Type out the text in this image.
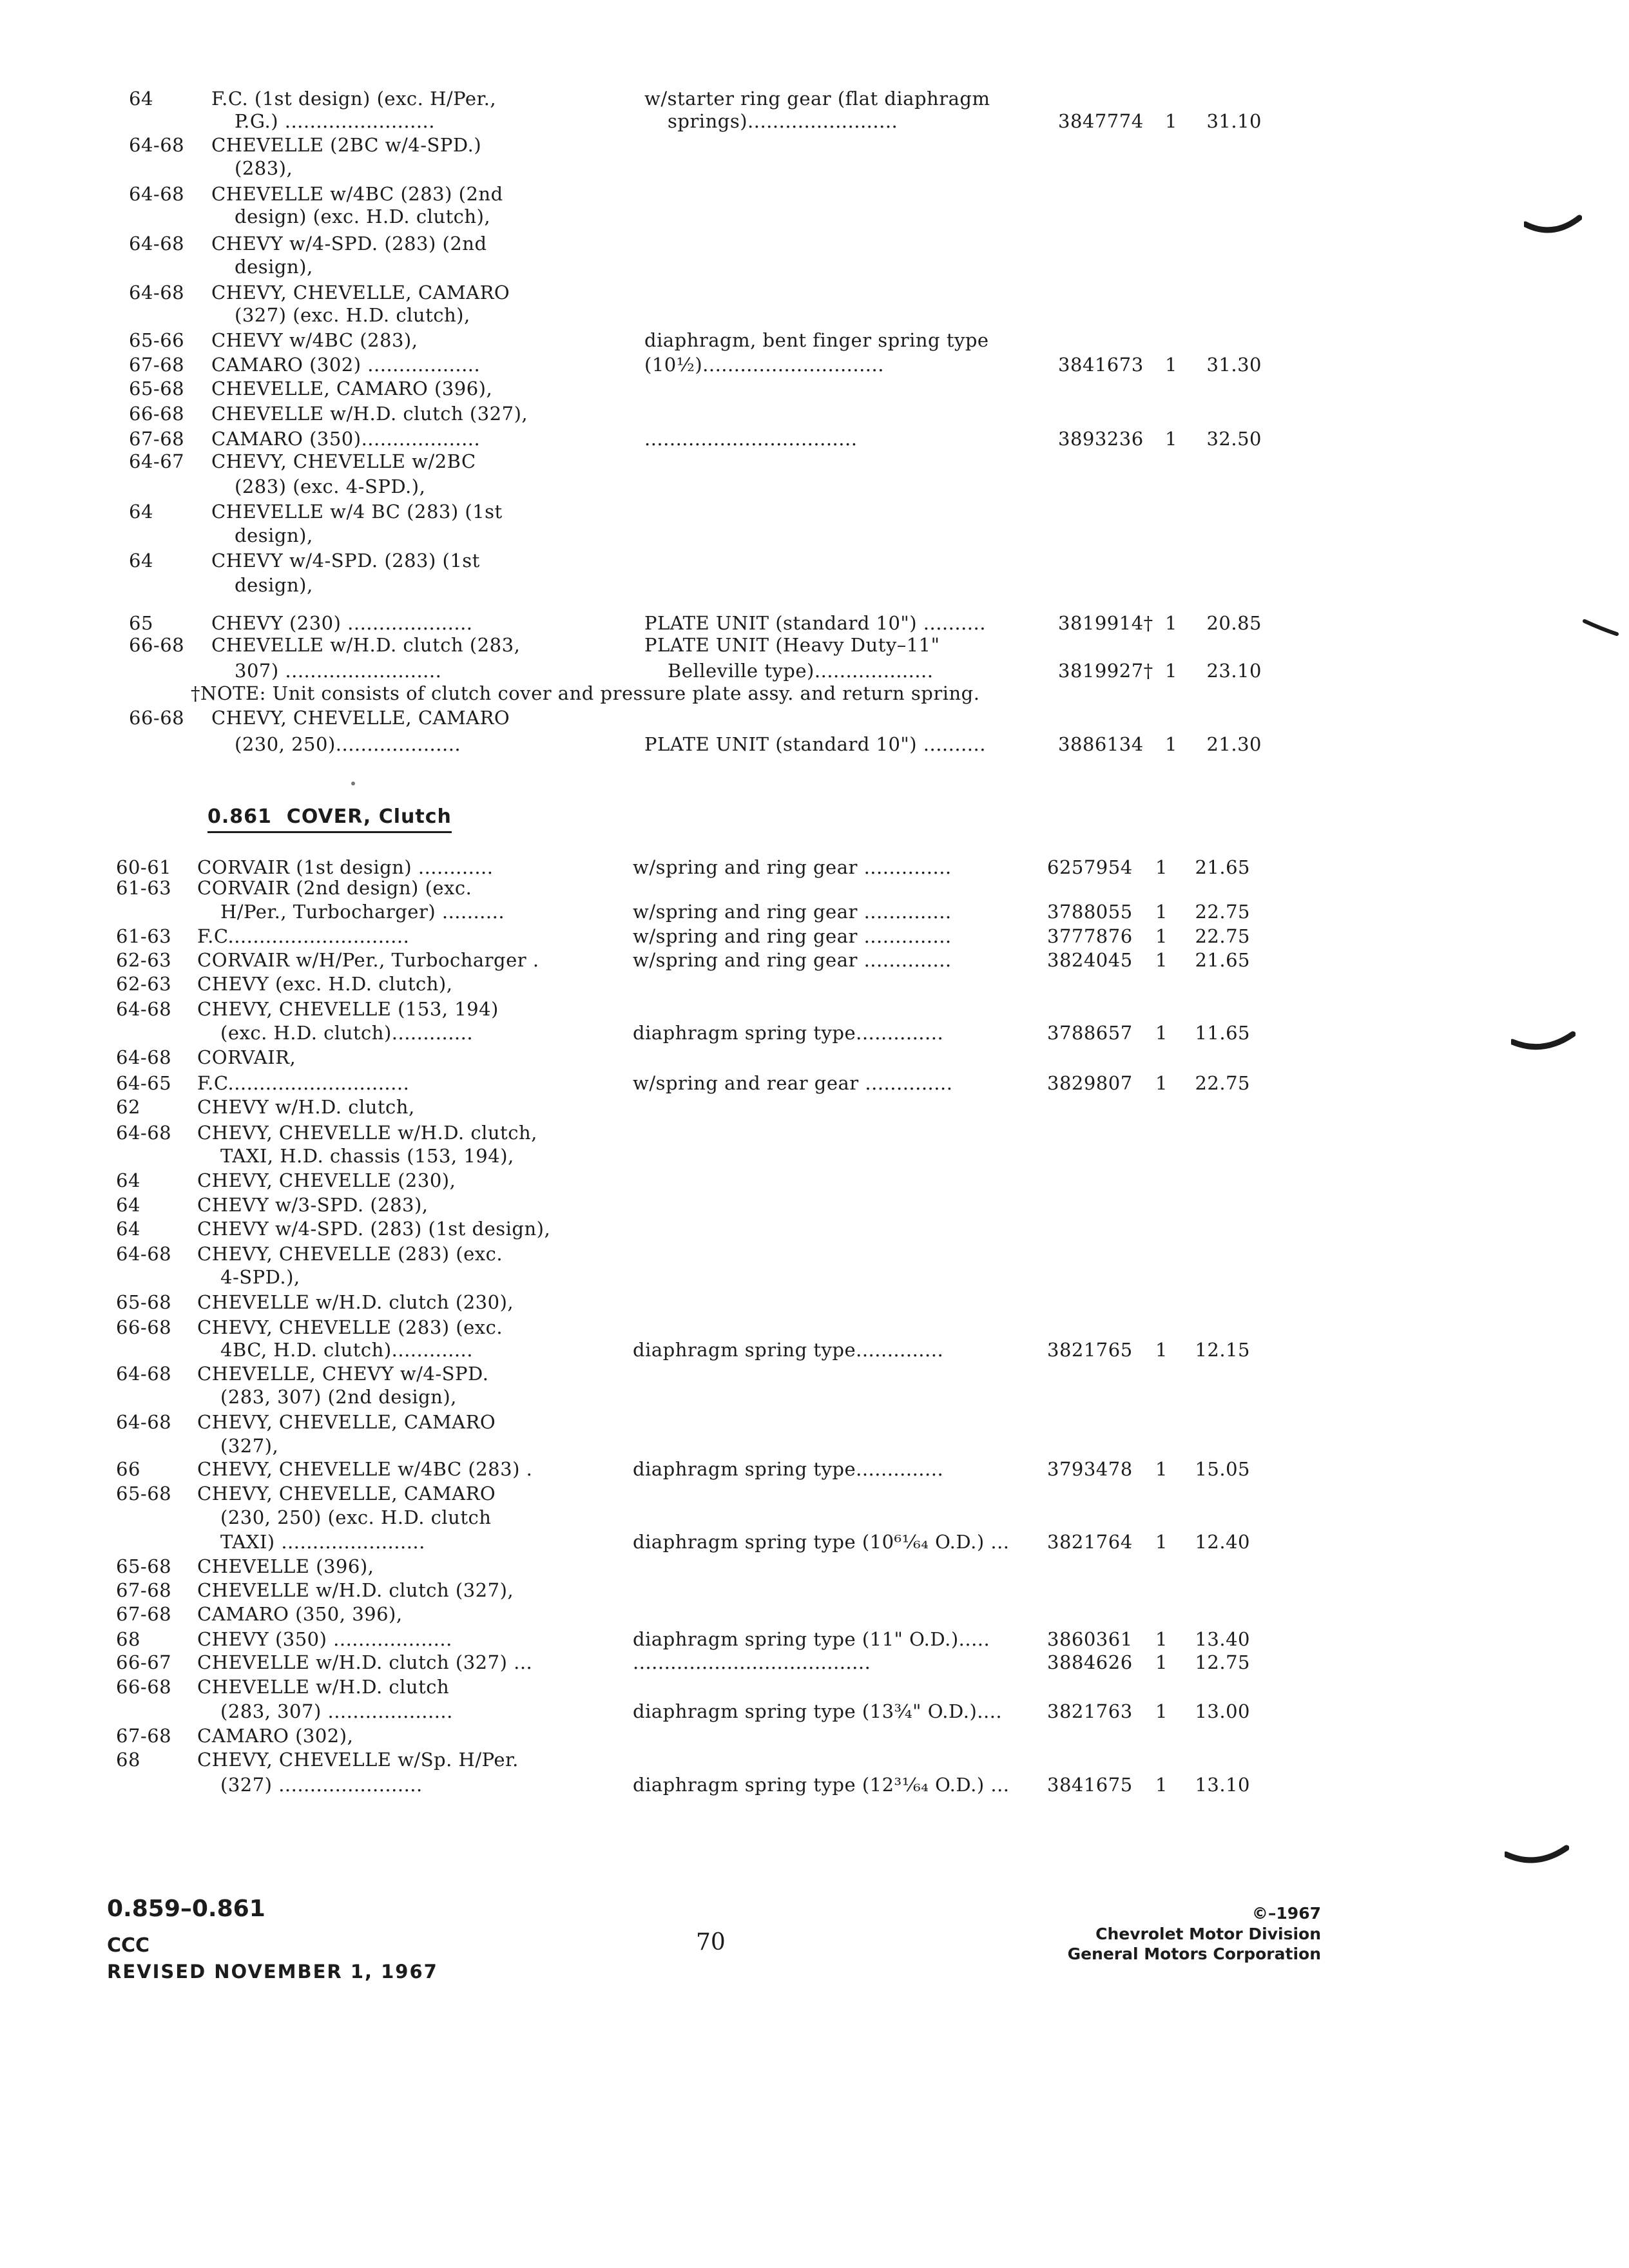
64	F.C. (1st design) (exc. H/Per.,	w/starter ring gear (flat diaphragm
P.G.) ........................	springs)........................	3847774 1	31.10
64-68	CHEVELLE (2BC w/4-SPD.)
(283),
64-68	CHEVELLE w/4BC (283) (2nd
design) (exc. H.D. clutch),
64-68	CHEVY w/4-SPD. (283) (2nd
design),
64-68	CHEVY, CHEVELLE, CAMARO
(327) (exc. H.D. clutch),
65-66	CHEVY w/4BC (283),	diaphragm, bent finger spring type
67-68	CAMARO (302) ..................	(10½).............................	3841673 1	31.30
65-68	CHEVELLE, CAMARO (396),
66-68	CHEVELLE w/H.D. clutch (327),
67-68	CAMARO (350)...................	..................................	3893236 1	32.50
64-67	CHEVY, CHEVELLE w/2BC
(283) (exc. 4-SPD.),
64	CHEVELLE w/4 BC (283) (1st
design),
64	CHEVY w/4-SPD. (283) (1st
design),
65	CHEVY (230) ....................	PLATE UNIT (standard 10") ..........	3819914† 1	20.85
66-68	CHEVELLE w/H.D. clutch (283,	PLATE UNIT (Heavy Duty–11"
307) .........................	Belleville type)...................	3819927† 1	23.10
†NOTE: Unit consists of clutch cover and pressure plate assy. and return spring.
66-68	CHEVY, CHEVELLE, CAMARO
(230, 250)....................	PLATE UNIT (standard 10") ..........	3886134 1	21.30
60-61	CORVAIR (1st design) ............	w/spring and ring gear ..............	6257954 1	21.65
61-63	CORVAIR (2nd design) (exc.
H/Per., Turbocharger) ..........	w/spring and ring gear ..............	3788055 1	22.75
61-63	F.C.............................	w/spring and ring gear ..............	3777876 1	22.75
62-63	CORVAIR w/H/Per., Turbocharger .	w/spring and ring gear ..............	3824045 1	21.65
62-63	CHEVY (exc. H.D. clutch),
64-68	CHEVY, CHEVELLE (153, 194)
(exc. H.D. clutch).............	diaphragm spring type..............	3788657 1	11.65
64-68	CORVAIR,
64-65	F.C.............................	w/spring and rear gear ..............	3829807 1	22.75
62	CHEVY w/H.D. clutch,
64-68	CHEVY, CHEVELLE w/H.D. clutch,
TAXI, H.D. chassis (153, 194),
64	CHEVY, CHEVELLE (230),
64	CHEVY w/3-SPD. (283),
64	CHEVY w/4-SPD. (283) (1st design),
64-68	CHEVY, CHEVELLE (283) (exc.
4-SPD.),
65-68	CHEVELLE w/H.D. clutch (230),
66-68	CHEVY, CHEVELLE (283) (exc.
4BC, H.D. clutch).............	diaphragm spring type..............	3821765 1	12.15
64-68	CHEVELLE, CHEVY w/4-SPD.
(283, 307) (2nd design),
64-68	CHEVY, CHEVELLE, CAMARO
(327),
66	CHEVY, CHEVELLE w/4BC (283) .	diaphragm spring type..............	3793478 1	15.05
65-68	CHEVY, CHEVELLE, CAMARO
(230, 250) (exc. H.D. clutch
TAXI) .......................	diaphragm spring type (10⁶¹⁄₆₄ O.D.) ... 3821764 1	12.40
65-68	CHEVELLE (396),
67-68	CHEVELLE w/H.D. clutch (327),
67-68	CAMARO (350, 396),
68	CHEVY (350) ...................	diaphragm spring type (11" O.D.).....	3860361 1	13.40
66-67	CHEVELLE w/H.D. clutch (327) ...	......................................	3884626 1	12.75
66-68	CHEVELLE w/H.D. clutch
(283, 307) ....................	diaphragm spring type (13¾" O.D.).... 3821763 1	13.00
67-68	CAMARO (302),
68	CHEVY, CHEVELLE w/Sp. H/Per.
(327) .......................	diaphragm spring type (12³¹⁄₆₄ O.D.) ... 3841675 1	13.10
0.861 COVER, Clutch
0.859–0.861
CCC
REVISED NOVEMBER 1, 1967
70
©–1967
Chevrolet Motor Division
General Motors Corporation
